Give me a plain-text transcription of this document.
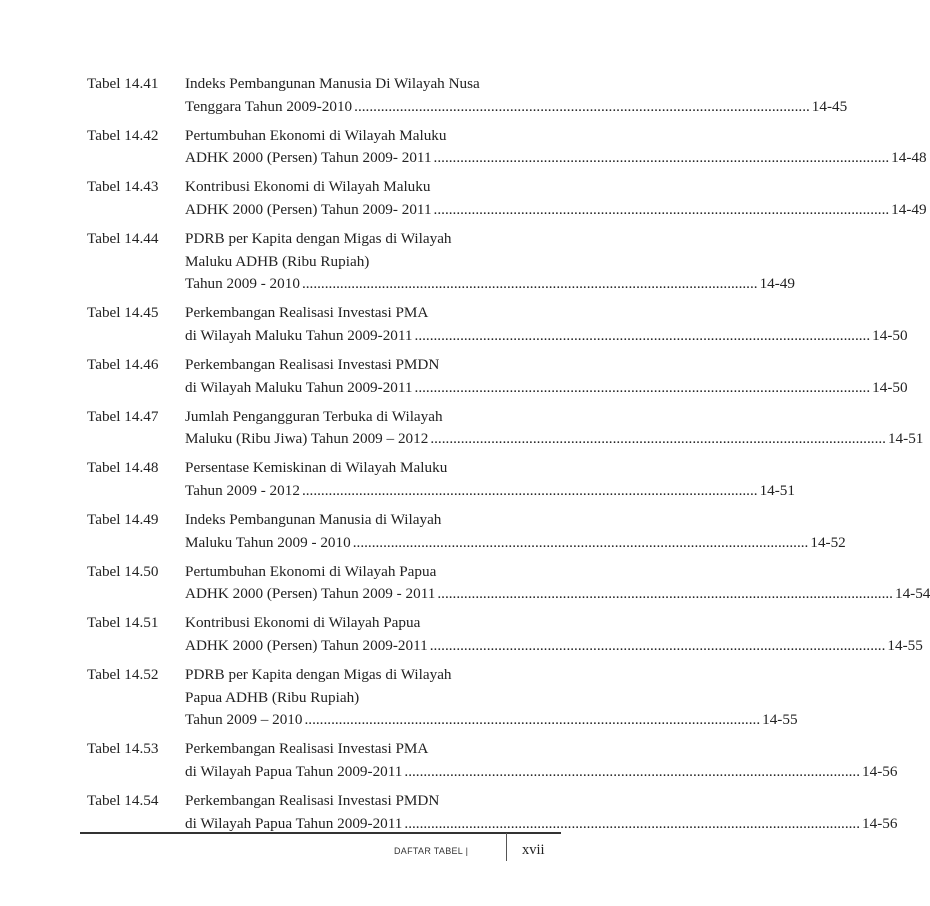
Tabel 14.41 Indeks Pembangunan Manusia Di Wilayah Nusa
Tenggara Tahun 2009-2010 ........................................................................................................................ 14-45
Tabel 14.42 Pertumbuhan Ekonomi di Wilayah Maluku
ADHK 2000 (Persen) Tahun 2009- 2011 ........................................................................................................................ 14-48
Tabel 14.43 Kontribusi Ekonomi di Wilayah Maluku
ADHK 2000 (Persen) Tahun 2009- 2011 ........................................................................................................................ 14-49
Tabel 14.44 PDRB per Kapita dengan Migas di Wilayah
Maluku ADHB (Ribu Rupiah)
Tahun 2009 - 2010 ........................................................................................................................ 14-49
Tabel 14.45 Perkembangan Realisasi Investasi PMA
di Wilayah Maluku Tahun 2009-2011 ........................................................................................................................ 14-50
Tabel 14.46 Perkembangan Realisasi Investasi PMDN
di Wilayah Maluku Tahun 2009-2011 ........................................................................................................................ 14-50
Tabel 14.47 Jumlah Pengangguran Terbuka di Wilayah
Maluku (Ribu Jiwa) Tahun 2009 – 2012 ........................................................................................................................ 14-51
Tabel 14.48 Persentase Kemiskinan di Wilayah Maluku
Tahun 2009 - 2012 ........................................................................................................................ 14-51
Tabel 14.49 Indeks Pembangunan Manusia di Wilayah
Maluku Tahun 2009 - 2010 ........................................................................................................................ 14-52
Tabel 14.50 Pertumbuhan Ekonomi di Wilayah Papua
ADHK 2000 (Persen) Tahun 2009 - 2011 ........................................................................................................................ 14-54
Tabel 14.51 Kontribusi Ekonomi di Wilayah Papua
ADHK 2000 (Persen) Tahun 2009-2011 ........................................................................................................................ 14-55
Tabel 14.52 PDRB per Kapita dengan Migas di Wilayah
Papua ADHB (Ribu Rupiah)
Tahun 2009 – 2010 ........................................................................................................................ 14-55
Tabel 14.53 Perkembangan Realisasi Investasi PMA
di Wilayah Papua Tahun 2009-2011 ........................................................................................................................ 14-56
Tabel 14.54 Perkembangan Realisasi Investasi PMDN
di Wilayah Papua Tahun 2009-2011 ........................................................................................................................ 14-56
DAFTAR TABEL |	xvii
